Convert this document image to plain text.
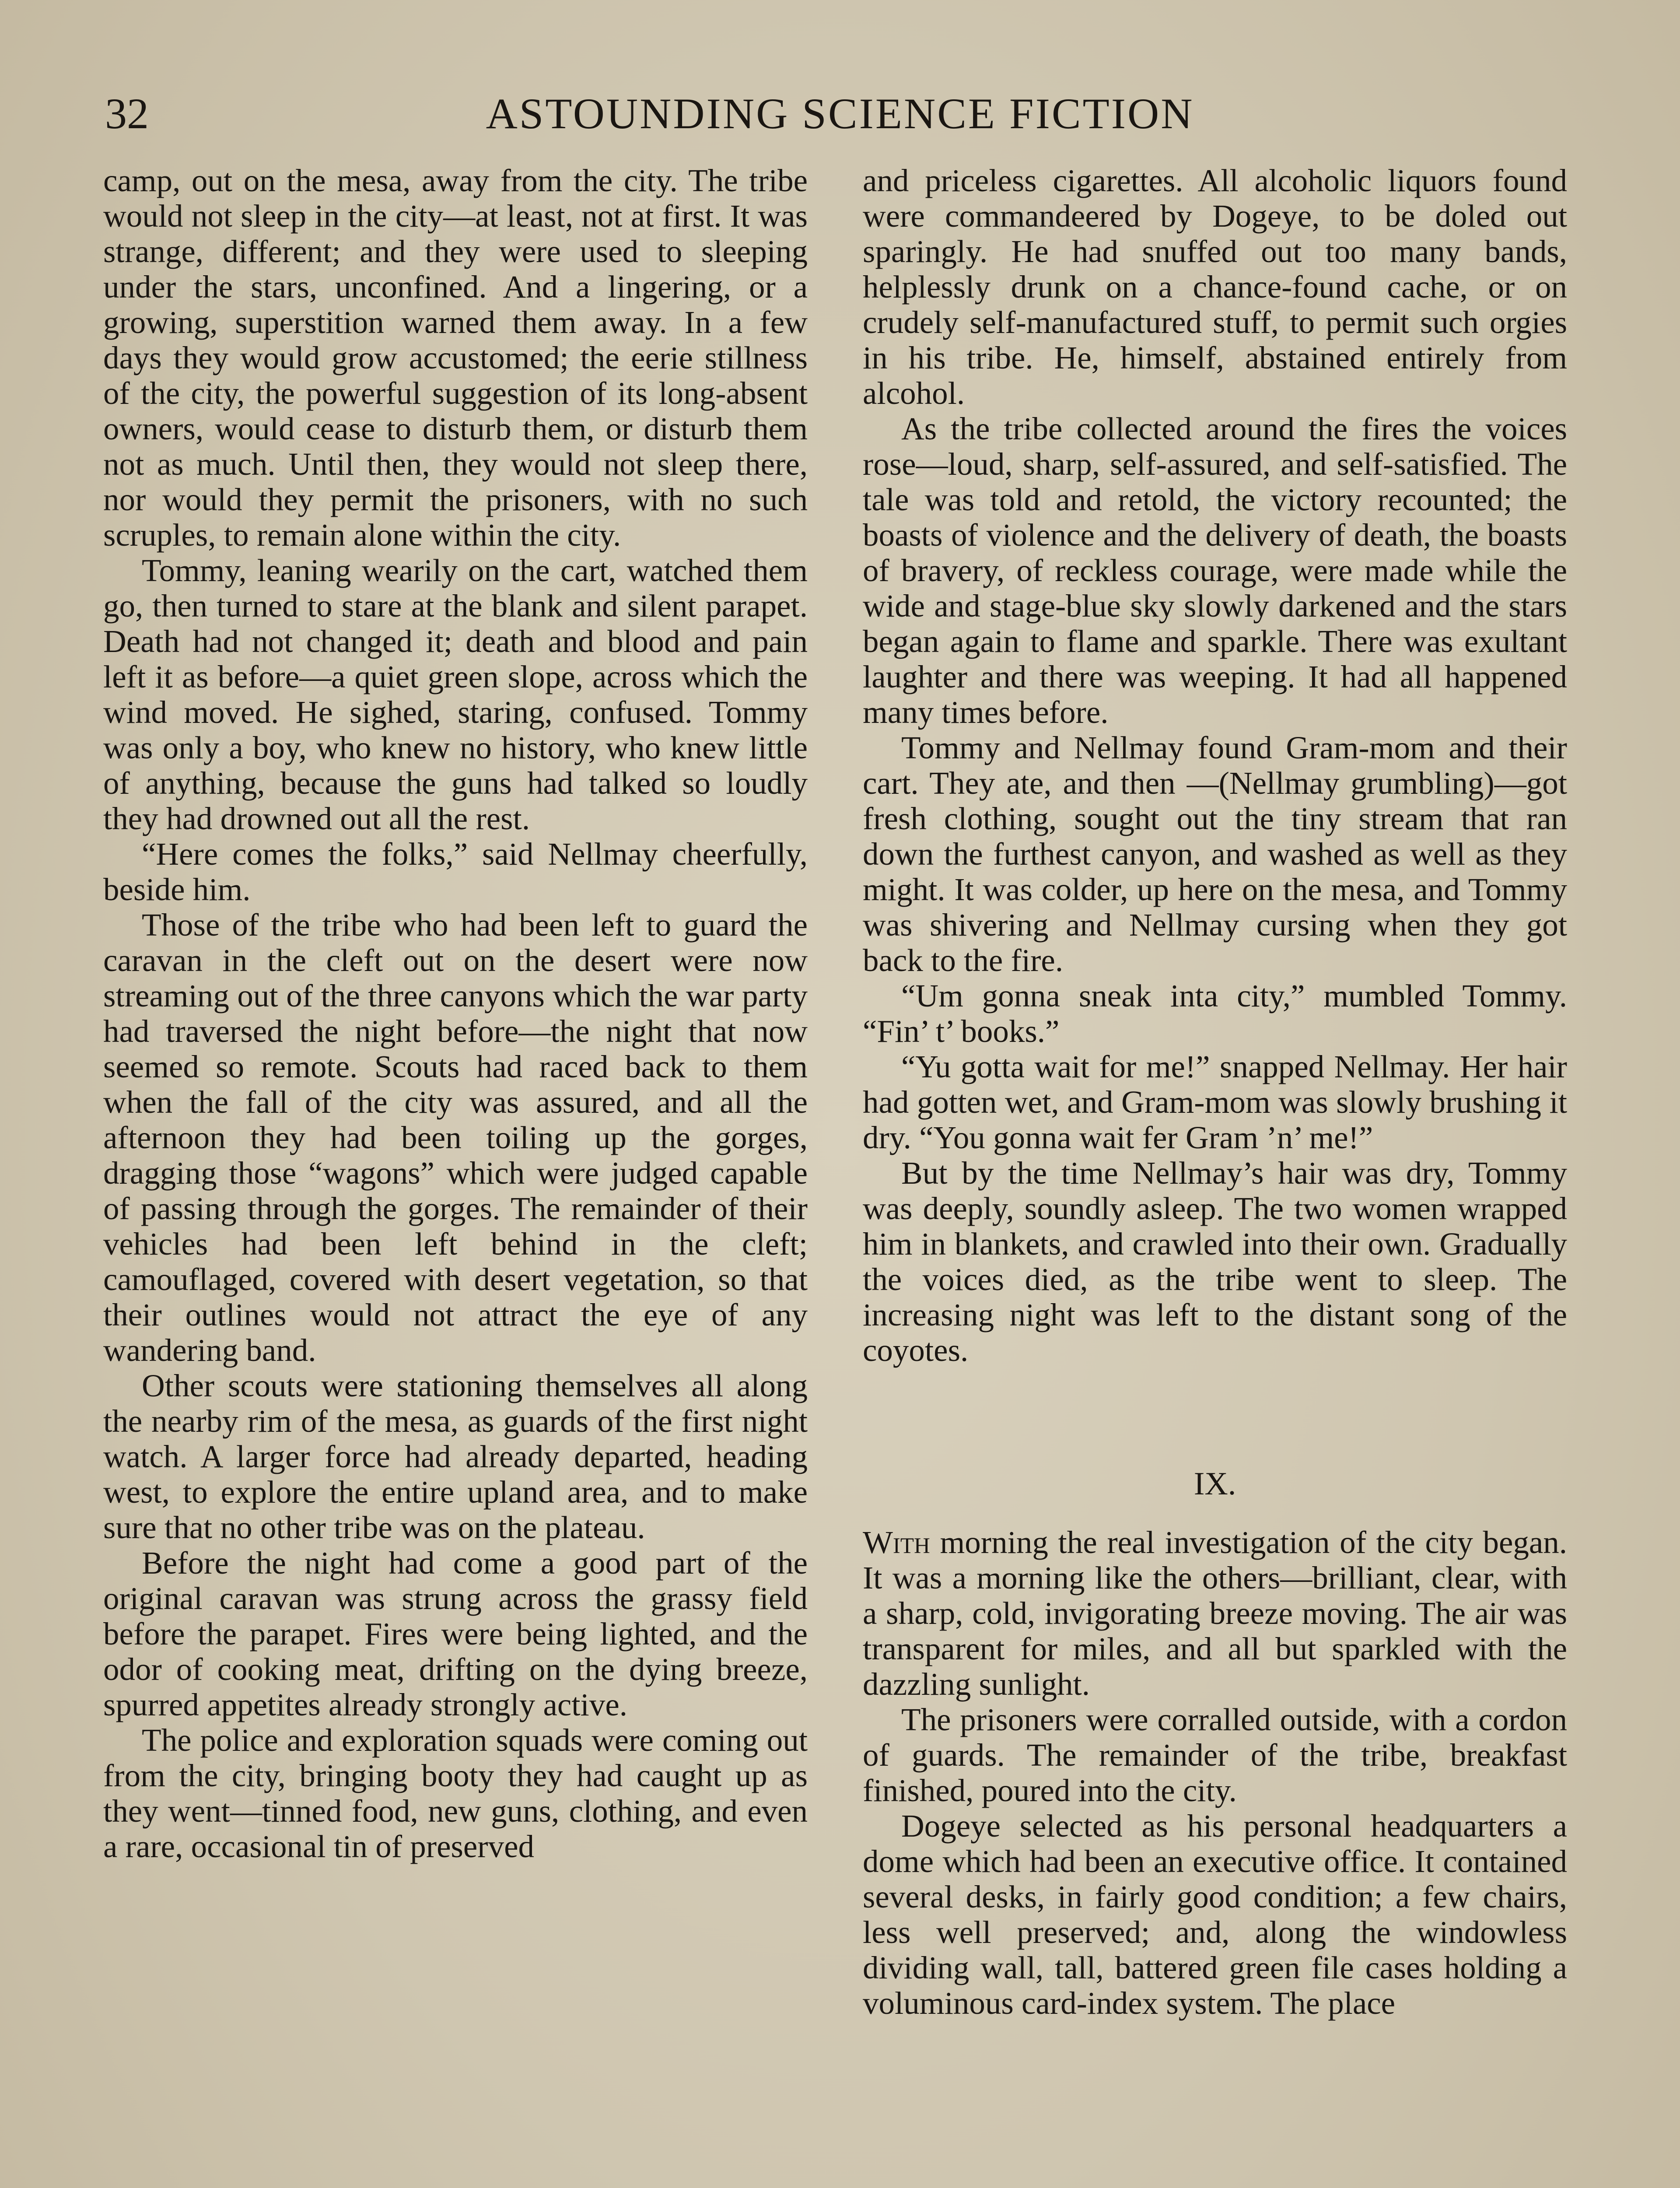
32	ASTOUNDING SCIENCE FICTION

camp, out on the mesa, away from the city. The tribe would not sleep in the city—at least, not at first. It was strange, different; and they were used to sleeping under the stars, unconfined. And a lingering, or a growing, superstition warned them away. In a few days they would grow accustomed; the eerie stillness of the city, the powerful suggestion of its long-absent owners, would cease to disturb them, or disturb them not as much. Until then, they would not sleep there, nor would they permit the prisoners, with no such scruples, to remain alone within the city.

Tommy, leaning wearily on the cart, watched them go, then turned to stare at the blank and silent parapet. Death had not changed it; death and blood and pain left it as before—a quiet green slope, across which the wind moved. He sighed, staring, confused. Tommy was only a boy, who knew no history, who knew little of anything, because the guns had talked so loudly they had drowned out all the rest.

“Here comes the folks,” said Nellmay cheerfully, beside him.

Those of the tribe who had been left to guard the caravan in the cleft out on the desert were now streaming out of the three canyons which the war party had traversed the night before—the night that now seemed so remote. Scouts had raced back to them when the fall of the city was assured, and all the afternoon they had been toiling up the gorges, dragging those “wagons” which were judged capable of passing through the gorges. The remainder of their vehicles had been left behind in the cleft; camouflaged, covered with desert vegetation, so that their outlines would not attract the eye of any wandering band.

Other scouts were stationing themselves all along the nearby rim of the mesa, as guards of the first night watch. A larger force had already departed, heading west, to explore the entire upland area, and to make sure that no other tribe was on the plateau.

Before the night had come a good part of the original caravan was strung across the grassy field before the parapet. Fires were being lighted, and the odor of cooking meat, drifting on the dying breeze, spurred appetites already strongly active.

The police and exploration squads were coming out from the city, bringing booty they had caught up as they went—tinned food, new guns, clothing, and even a rare, occasional tin of preserved

and priceless cigarettes. All alcoholic liquors found were commandeered by Dogeye, to be doled out sparingly. He had snuffed out too many bands, helplessly drunk on a chance-found cache, or on crudely self-manufactured stuff, to permit such orgies in his tribe. He, himself, abstained entirely from alcohol.

As the tribe collected around the fires the voices rose—loud, sharp, self-assured, and self-satisfied. The tale was told and retold, the victory recounted; the boasts of violence and the delivery of death, the boasts of bravery, of reckless courage, were made while the wide and stage-blue sky slowly darkened and the stars began again to flame and sparkle. There was exultant laughter and there was weeping. It had all happened many times before.

Tommy and Nellmay found Gram-mom and their cart. They ate, and then —(Nellmay grumbling)—got fresh clothing, sought out the tiny stream that ran down the furthest canyon, and washed as well as they might. It was colder, up here on the mesa, and Tommy was shivering and Nellmay cursing when they got back to the fire.

“Um gonna sneak inta city,” mumbled Tommy. “Fin’ t’ books.”

“Yu gotta wait for me!” snapped Nellmay. Her hair had gotten wet, and Gram-mom was slowly brushing it dry. “You gonna wait fer Gram ’n’ me!”

But by the time Nellmay’s hair was dry, Tommy was deeply, soundly asleep. The two women wrapped him in blankets, and crawled into their own. Gradually the voices died, as the tribe went to sleep. The increasing night was left to the distant song of the coyotes.

IX.

With morning the real investigation of the city began. It was a morning like the others—brilliant, clear, with a sharp, cold, invigorating breeze moving. The air was transparent for miles, and all but sparkled with the dazzling sunlight.

The prisoners were corralled outside, with a cordon of guards. The remainder of the tribe, breakfast finished, poured into the city.

Dogeye selected as his personal headquarters a dome which had been an executive office. It contained several desks, in fairly good condition; a few chairs, less well preserved; and, along the windowless dividing wall, tall, battered green file cases holding a voluminous card-index system. The place
